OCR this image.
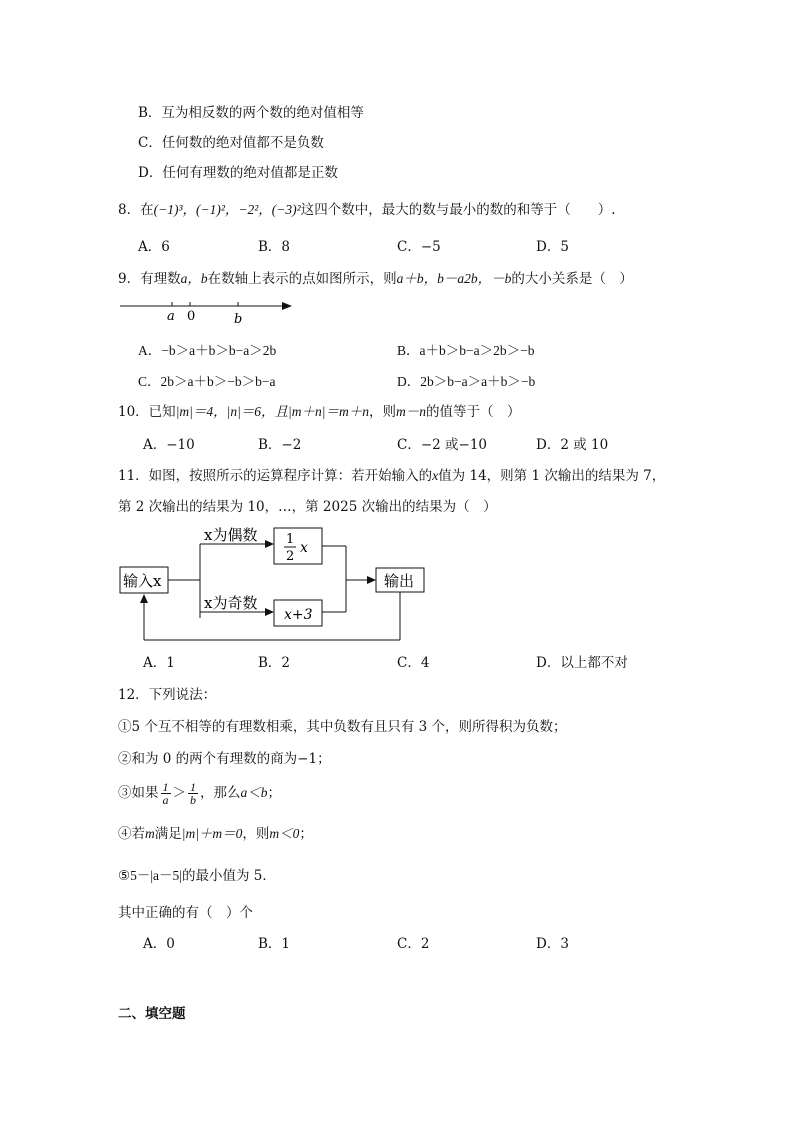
B．互为相反数的两个数的绝对值相等
C．任何数的绝对值都不是负数
D．任何有理数的绝对值都是正数
8．在(−1)³，(−1)²，−2²，(−3)²这四个数中，最大的数与最小的数的和等于（　　）.
A．6	B．8	C．−5	D．5
9．有理数a，b在数轴上表示的点如图所示，则a＋b，b－a2b，－b的大小关系是（　）
a 0	b
A．−b＞a＋b＞b−a＞2b	B．a＋b＞b−a＞2b＞−b
C．2b＞a＋b＞−b＞b−a	D．2b＞b−a＞a＋b＞−b
10．已知|m|＝4，|n|＝6，且|m＋n|＝m＋n，则m－n的值等于（　）
A．−10	B．−2	C．−2 或−10	D．2 或 10
11．如图，按照所示的运算程序计算：若开始输入的x值为 14，则第 1 次输出的结果为 7，
第 2 次输出的结果为 10，…，第 2025 次输出的结果为（　）
输入x
x为偶数
x为奇数
1
2
x
x+3
输出
A．1	B．2	C．4	D．以上都不对
12．下列说法：
①5 个互不相等的有理数相乘，其中负数有且只有 3 个，则所得积为负数；
②和为 0 的两个有理数的商为−1；
③如果 $\frac{1}{a} > \frac{1}{b}$ ，那么a＜b；
④若m满足|m|＋m＝0，则m＜0；
⑤5－|a－5|的最小值为 5．
其中正确的有（　）个
A．0	B．1	C．2	D．3
二、填空题
